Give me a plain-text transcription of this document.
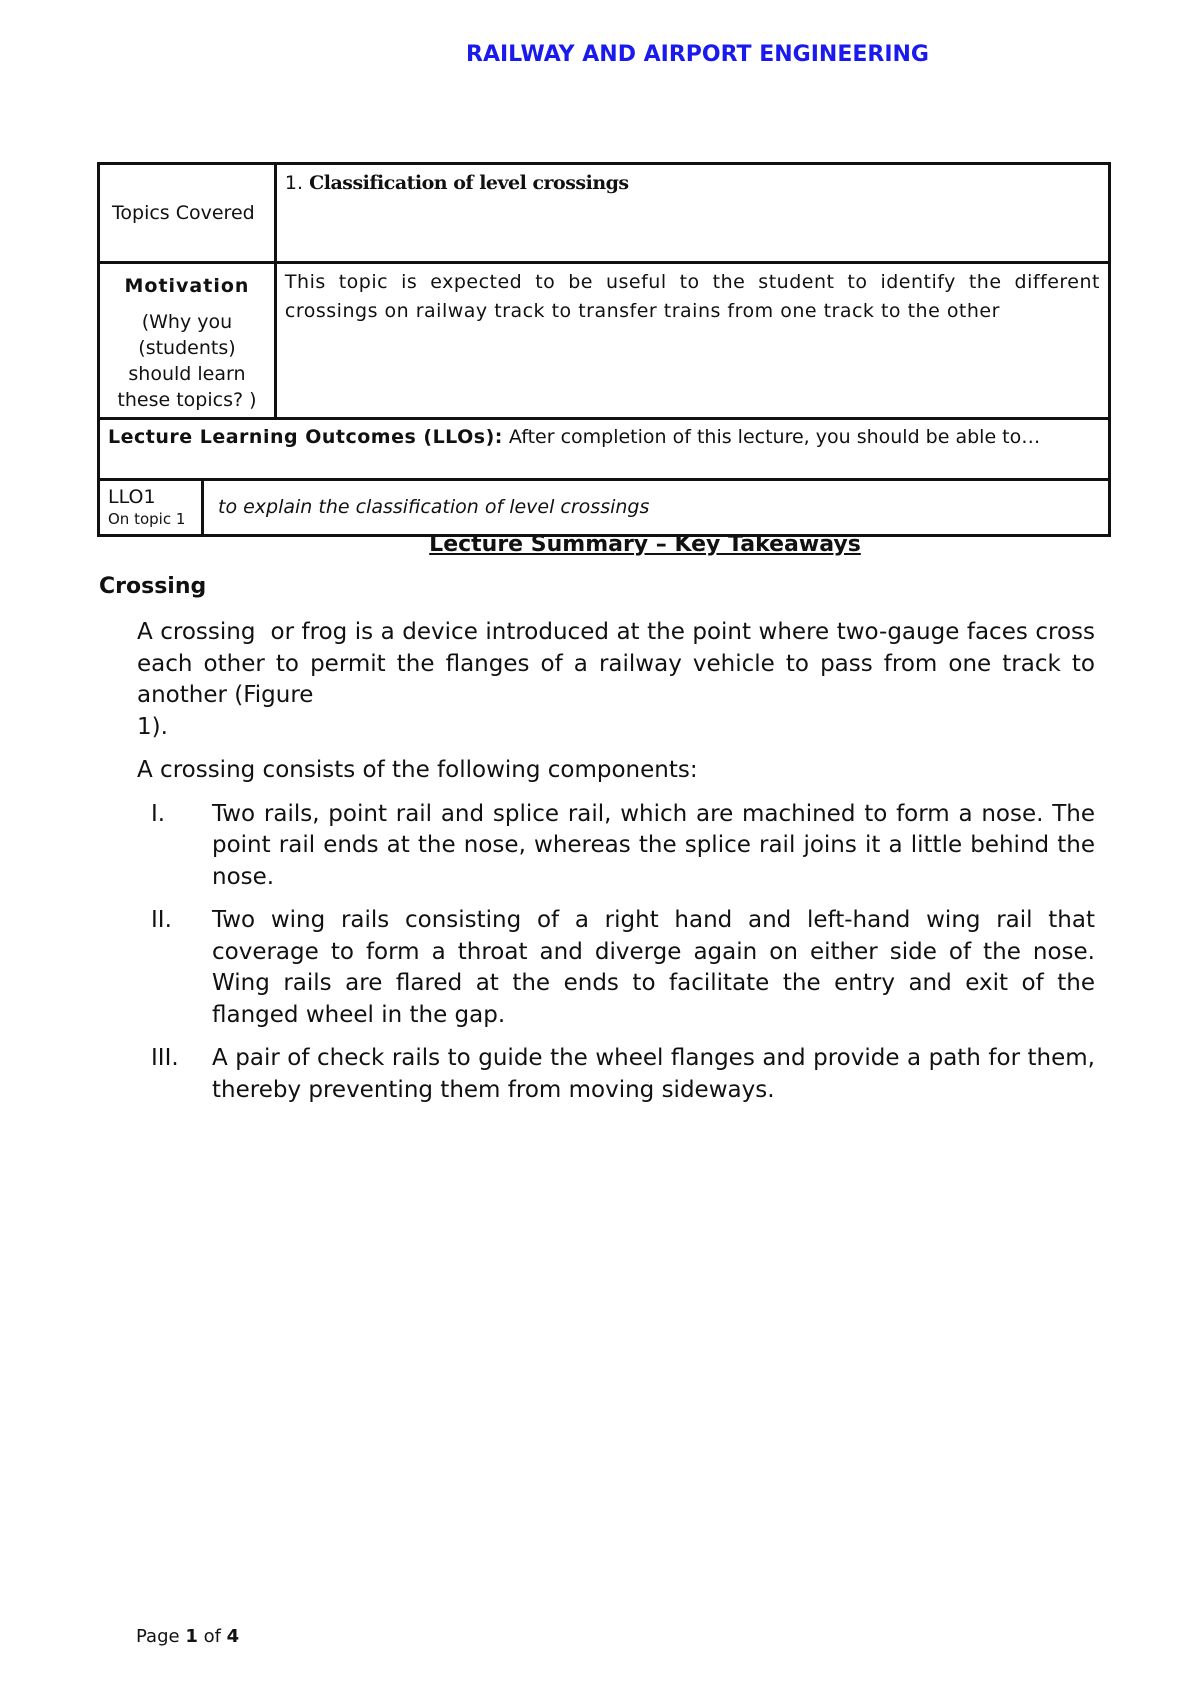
RAILWAY AND AIRPORT ENGINEERING
Topics Covered		1. Classification of level crossings

Motivation
(Why you (students) should learn these topics? )		This topic is expected to be useful to the student to identify the different crossings on railway track to transfer trains from one track to the other
Lecture Learning Outcomes (LLOs): After completion of this lecture, you should be able to…		

LLO1
On topic 1	to explain the classification of level crossings	
Lecture Summary – Key Takeaways
Crossing

A crossing  or frog is a device introduced at the point where two-gauge faces cross each other to permit the flanges of a railway vehicle to pass from one track to another (Figure

1).

A crossing consists of the following components:

I.	Two rails, point rail and splice rail, which are machined to form a nose. The point rail ends at the nose, whereas the splice rail joins it a little behind the nose.
II.	Two wing rails consisting of a right hand and left-hand wing rail that coverage to form a throat and diverge again on either side of the nose. Wing rails are flared at the ends to facilitate the entry and exit of the flanged wheel in the gap.
III.	A pair of check rails to guide the wheel flanges and provide a path for them, thereby preventing them from moving sideways.
Page 1 of 4
